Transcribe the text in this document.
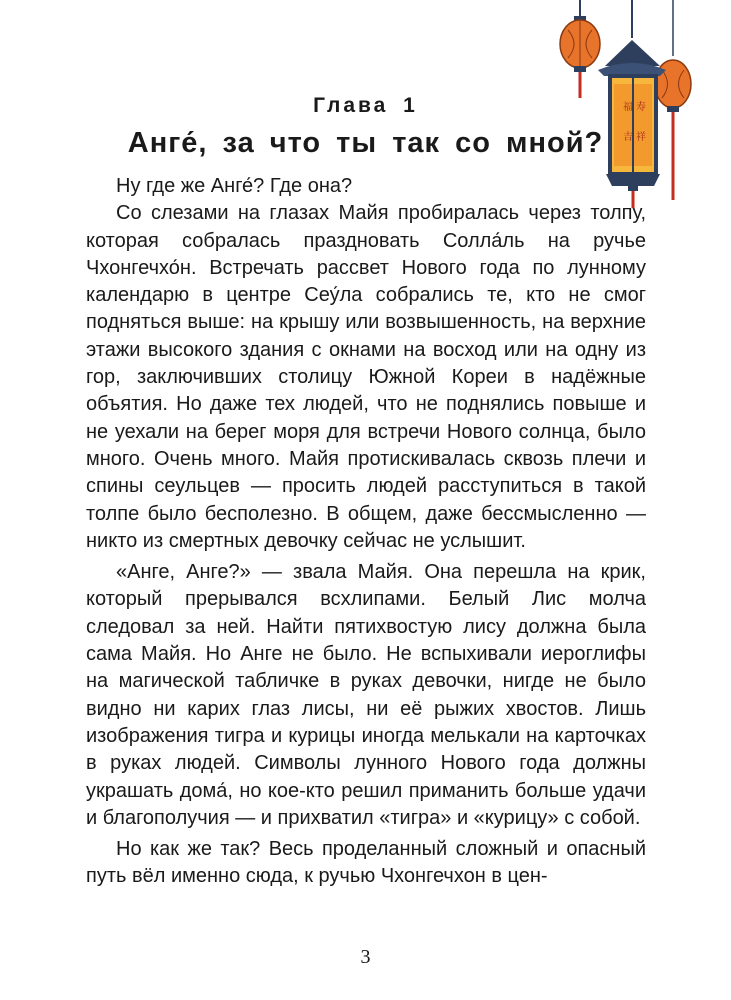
福 寿
吉 祥
Глава 1
Анге́, за что ты так со мной?

Ну где же Анге́? Где она?

Со слезами на глазах Майя пробиралась через толпу, которая собралась праздновать Солла́ль на ручье Чхонгечхо́н. Встречать рассвет Нового года по лунному календарю в центре Сеу́ла собрались те, кто не смог подняться выше: на крышу или возвышенность, на верхние этажи высокого здания с окнами на восход или на одну из гор, заключивших столицу Южной Кореи в надёжные объятия. Но даже тех людей, что не поднялись повыше и не уехали на берег моря для встречи Нового солнца, было много. Очень много. Майя протискивалась сквозь плечи и спины сеульцев — просить людей расступиться в такой толпе было бесполезно. В общем, даже бессмысленно — никто из смертных девочку сейчас не услышит.

«Анге, Анге?» — звала Майя. Она перешла на крик, который прерывался всхлипами. Белый Лис молча следовал за ней. Найти пятихвостую лису должна была сама Майя. Но Анге не было. Не вспыхивали иероглифы на магической табличке в руках девочки, нигде не было видно ни карих глаз лисы, ни её рыжих хвостов. Лишь изображения тигра и курицы иногда мелькали на карточках в руках людей. Символы лунного Нового года должны украшать дома́, но кое-кто решил приманить больше удачи и благополучия — и прихватил «тигра» и «курицу» с собой.

Но как же так? Весь проделанный сложный и опасный путь вёл именно сюда, к ручью Чхонгечхон в цен-

3
